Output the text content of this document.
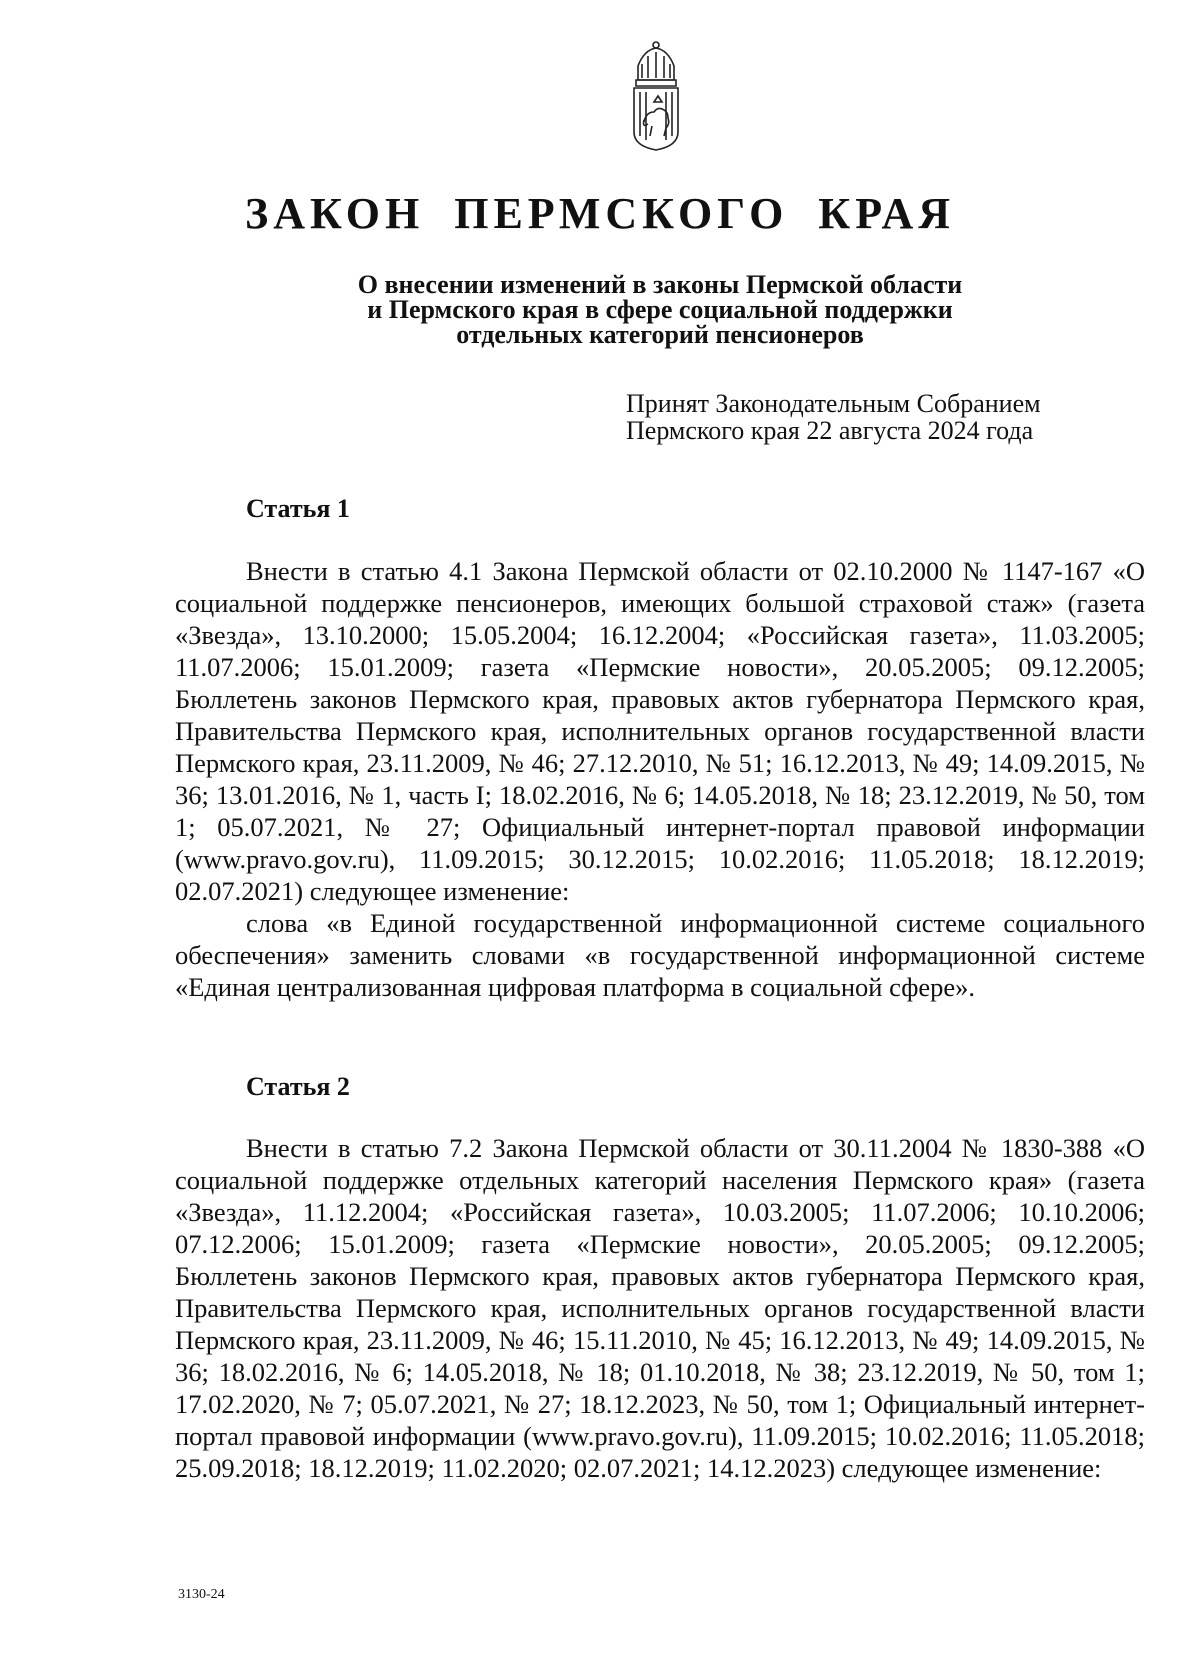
ЗАКОН ПЕРМСКОГО КРАЯ
О внесении изменений в законы Пермской области
и Пермского края в сфере социальной поддержки
отдельных категорий пенсионеров
Принят Законодательным Собранием
Пермского края 22 августа 2024 года
Статья 1

Внести в статью 4.1 Закона Пермской области от 02.10.2000 № 1147-167 «О социальной поддержке пенсионеров, имеющих большой страховой стаж» (газета «Звезда», 13.10.2000; 15.05.2004; 16.12.2004; «Российская газета», 11.03.2005; 11.07.2006; 15.01.2009; газета «Пермские новости», 20.05.2005; 09.12.2005; Бюллетень законов Пермского края, правовых актов губернатора Пермского края, Правительства Пермского края, исполнительных органов государственной власти Пермского края, 23.11.2009, № 46; 27.12.2010, № 51; 16.12.2013, № 49; 14.09.2015, № 36; 13.01.2016, № 1, часть I; 18.02.2016, № 6; 14.05.2018, № 18; 23.12.2019, № 50, том 1; 05.07.2021, № 27; Официальный интернет-портал правовой информации (www.pravo.gov.ru), 11.09.2015; 30.12.2015; 10.02.2016; 11.05.2018; 18.12.2019; 02.07.2021) следующее изменение:

слова «в Единой государственной информационной системе социального обеспечения» заменить словами «в государственной информационной системе «Единая централизованная цифровая платформа в социальной сфере».

Статья 2

Внести в статью 7.2 Закона Пермской области от 30.11.2004 № 1830-388 «О социальной поддержке отдельных категорий населения Пермского края» (газета «Звезда», 11.12.2004; «Российская газета», 10.03.2005; 11.07.2006; 10.10.2006; 07.12.2006; 15.01.2009; газета «Пермские новости», 20.05.2005; 09.12.2005; Бюллетень законов Пермского края, правовых актов губернатора Пермского края, Правительства Пермского края, исполнительных органов государственной власти Пермского края, 23.11.2009, № 46; 15.11.2010, № 45; 16.12.2013, № 49; 14.09.2015, № 36; 18.02.2016, № 6; 14.05.2018, № 18; 01.10.2018, № 38; 23.12.2019, № 50, том 1; 17.02.2020, № 7; 05.07.2021, № 27; 18.12.2023, № 50, том 1; Официальный интернет-портал правовой информации (www.pravo.gov.ru), 11.09.2015; 10.02.2016; 11.05.2018; 25.09.2018; 18.12.2019; 11.02.2020; 02.07.2021; 14.12.2023) следующее изменение:

3130-24
